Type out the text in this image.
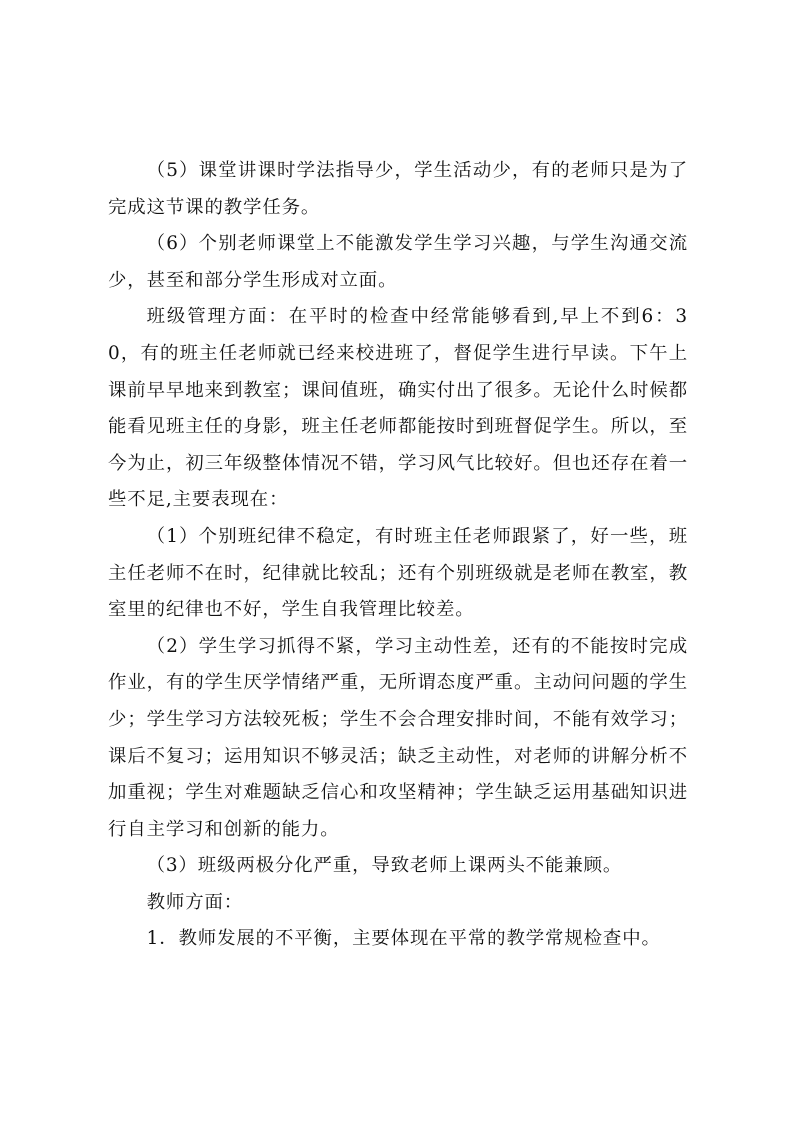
（5）课堂讲课时学法指导少，学生活动少，有的老师只是为了完成这节课的教学任务。

（6）个别老师课堂上不能激发学生学习兴趣，与学生沟通交流少，甚至和部分学生形成对立面。

班级管理方面：在平时的检查中经常能够看到,早上不到6：30，有的班主任老师就已经来校进班了，督促学生进行早读。下午上课前早早地来到教室；课间值班，确实付出了很多。无论什么时候都能看见班主任的身影，班主任老师都能按时到班督促学生。所以，至今为止，初三年级整体情况不错，学习风气比较好。但也还存在着一些不足,主要表现在：

（1）个别班纪律不稳定，有时班主任老师跟紧了，好一些，班主任老师不在时，纪律就比较乱；还有个别班级就是老师在教室，教室里的纪律也不好，学生自我管理比较差。

（2）学生学习抓得不紧，学习主动性差，还有的不能按时完成作业，有的学生厌学情绪严重，无所谓态度严重。主动问问题的学生少；学生学习方法较死板；学生不会合理安排时间，不能有效学习；课后不复习；运用知识不够灵活；缺乏主动性，对老师的讲解分析不加重视；学生对难题缺乏信心和攻坚精神；学生缺乏运用基础知识进行自主学习和创新的能力。

（3）班级两极分化严重，导致老师上课两头不能兼顾。

教师方面：

1．教师发展的不平衡，主要体现在平常的教学常规检查中。
